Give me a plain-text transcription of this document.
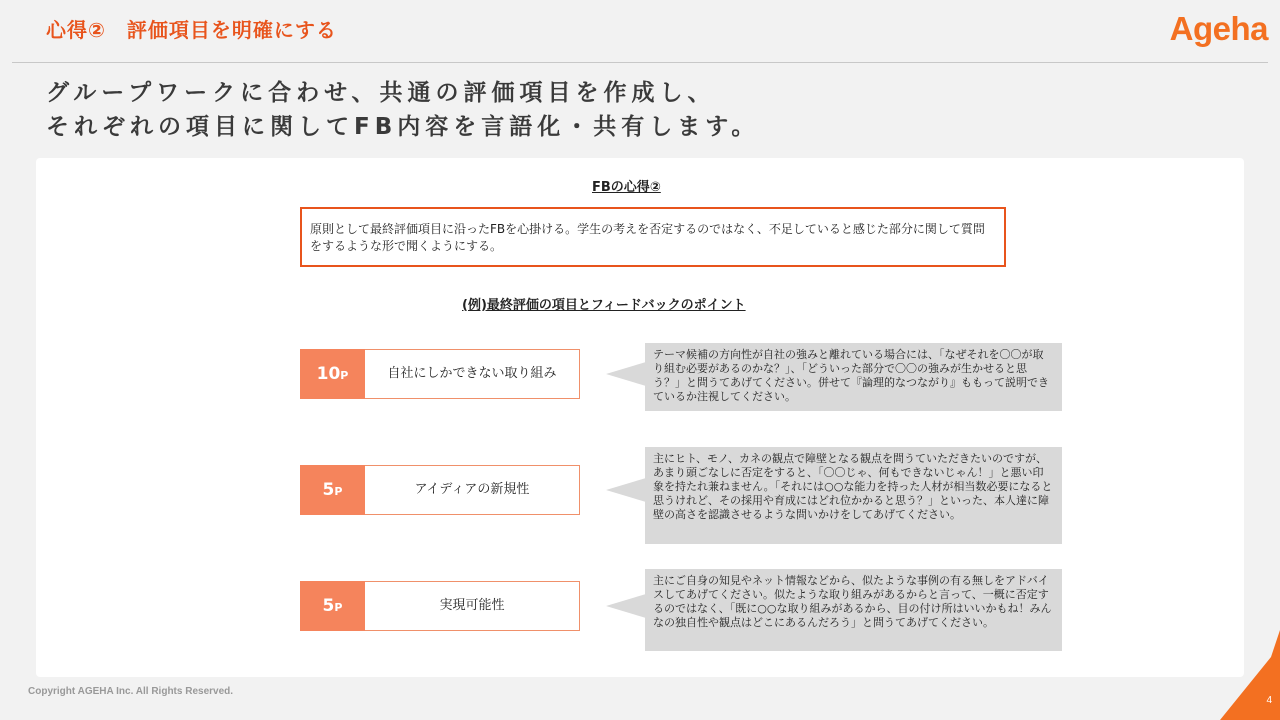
心得②　評価項目を明確にする	Ageha
グループワークに合わせ、共通の評価項目を作成し、
それぞれの項目に関してFB内容を言語化・共有します。
FBの心得②
原則として最終評価項目に沿ったFBを心掛ける。学生の考えを否定するのではなく、不足していると感じた部分に関して質問をするような形で聞くようにする。
(例)最終評価の項目とフィードバックのポイント
10P	自社にしかできない取り組み
テーマ候補の方向性が自社の強みと離れている場合には、「なぜそれを〇〇が取り組む必要があるのかな？」、「どういった部分で〇〇の強みが生かせると思う？」と問うてあげてください。併せて『論理的なつながり』ももって説明できているか注視してください。
5P	アイディアの新規性
主にヒト、モノ、カネの観点で障壁となる観点を問うていただきたいのですが、あまり頭ごなしに否定をすると、「〇〇じゃ、何もできないじゃん！」と悪い印象を持たれ兼ねません。「それには○○な能力を持った人材が相当数必要になると思うけれど、その採用や育成にはどれ位かかると思う？」といった、本人達に障壁の高さを認識させるような問いかけをしてあげてください。
5P	実現可能性
主にご自身の知見やネット情報などから、似たような事例の有る無しをアドバイスしてあげてください。似たような取り組みがあるからと言って、一概に否定するのではなく、「既に○○な取り組みがあるから、目の付け所はいいかもね！みんなの独自性や観点はどこにあるんだろう」と問うてあげてください。
Copyright AGEHA Inc. All Rights Reserved.
4
